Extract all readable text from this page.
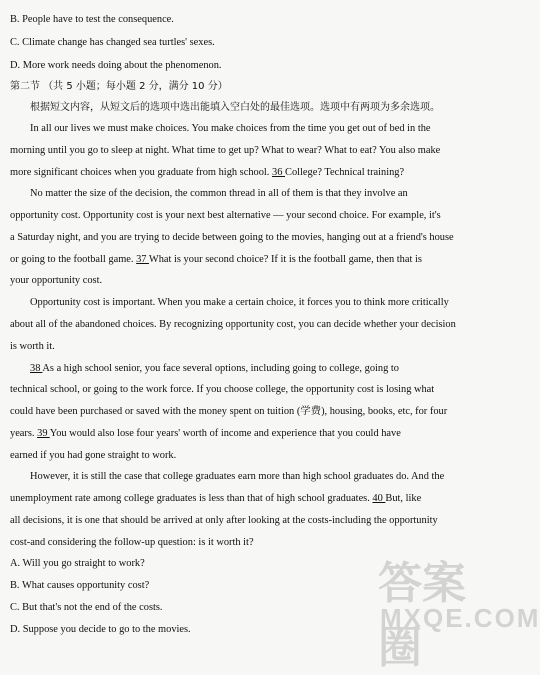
B. People have to test the consequence.
C. Climate change has changed sea turtles' sexes.
D. More work needs doing about the phenomenon.
第二节 （共 5 小题；每小题 2 分，满分 10 分）
根据短文内容，从短文后的选项中选出能填入空白处的最佳选项。选项中有两项为多余选项。
In all our lives we must make choices. You make choices from the time you get out of bed in the
morning until you go to sleep at night. What time to get up? What to wear? What to eat? You also make
more significant choices when you graduate from high school. 36 College? Technical training?
No matter the size of the decision, the common thread in all of them is that they involve an
opportunity cost. Opportunity cost is your next best alternative — your second choice. For example, it's
a Saturday night, and you are trying to decide between going to the movies, hanging out at a friend's house
or going to the football game. 37 What is your second choice? If it is the football game, then that is
your opportunity cost.
Opportunity cost is important. When you make a certain choice, it forces you to think more critically
about all of the abandoned choices. By recognizing opportunity cost, you can decide whether your decision
is worth it.
38 As a high school senior, you face several options, including going to college, going to
technical school, or going to the work force. If you choose college, the opportunity cost is losing what
could have been purchased or saved with the money spent on tuition (学费), housing, books, etc, for four
years. 39 You would also lose four years' worth of income and experience that you could have
earned if you had gone straight to work.
However, it is still the case that college graduates earn more than high school graduates do. And the
unemployment rate among college graduates is less than that of high school graduates. 40 But, like
all decisions, it is one that should be arrived at only after looking at the costs-including the opportunity
cost-and considering the follow-up question: is it worth it?
A. Will you go straight to work?
B. What causes opportunity cost?
C. But that's not the end of the costs.
D. Suppose you decide to go to the movies.
答案圈
MXQE.COM
